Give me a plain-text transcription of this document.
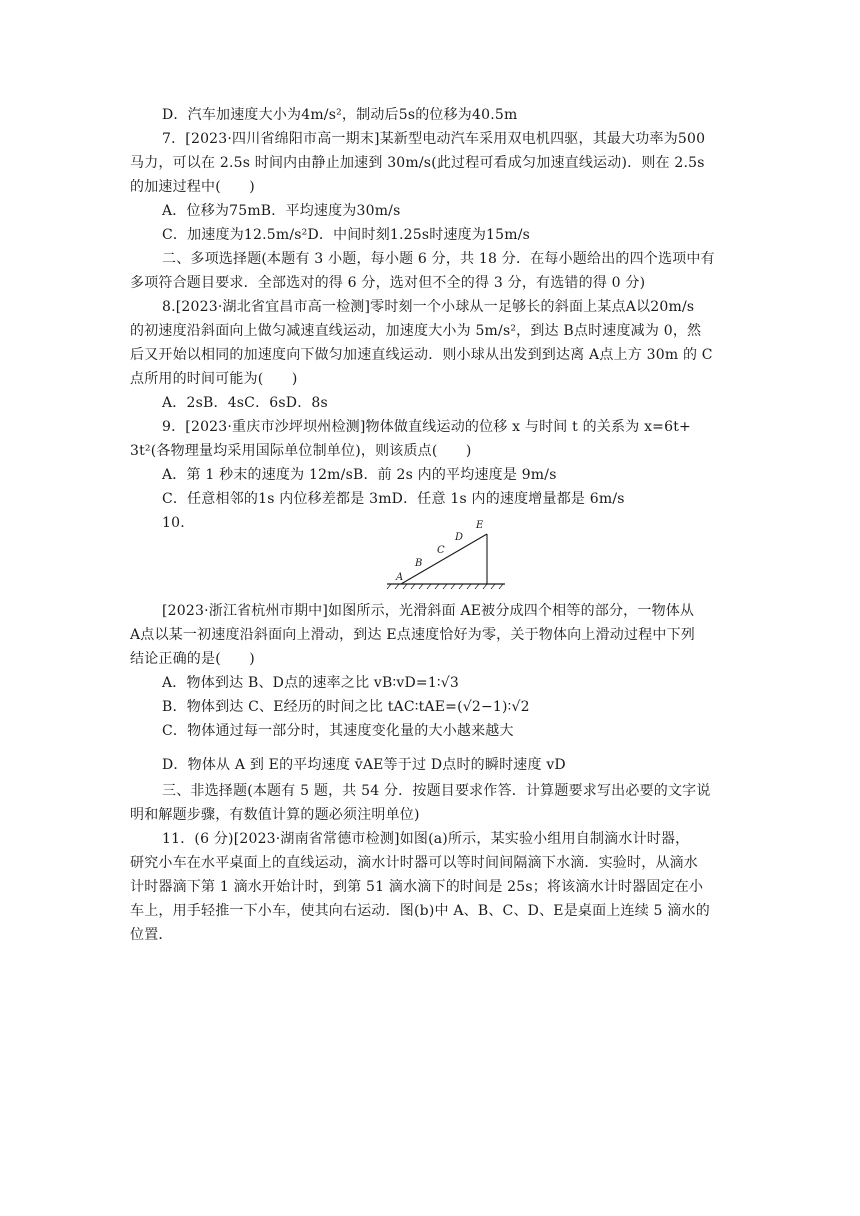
D．汽车加速度大小为4m/s²，制动后5s的位移为40.5m
7．[2023·四川省绵阳市高一期末]某新型电动汽车采用双电机四驱，其最大功率为500
马力，可以在 2.5s 时间内由静止加速到 30m/s(此过程可看成匀加速直线运动)．则在 2.5s
的加速过程中(　　)
A．位移为75mB．平均速度为30m/s
C．加速度为12.5m/s²D．中间时刻1.25s时速度为15m/s
二、多项选择题(本题有 3 小题，每小题 6 分，共 18 分．在每小题给出的四个选项中有
多项符合题目要求．全部选对的得 6 分，选对但不全的得 3 分，有选错的得 0 分)
8.[2023·湖北省宜昌市高一检测]零时刻一个小球从一足够长的斜面上某点A以20m/s
的初速度沿斜面向上做匀减速直线运动，加速度大小为 5m/s²，到达 B点时速度减为 0，然
后又开始以相同的加速度向下做匀加速直线运动．则小球从出发到到达离 A点上方 30m 的 C
点所用的时间可能为(　　)
A．2sB．4sC．6sD．8s
9．[2023·重庆市沙坪坝州检测]物体做直线运动的位移 x 与时间 t 的关系为 x=6t+
3t²(各物理量均采用国际单位制单位)，则该质点(　　)
A．第 1 秒末的速度为 12m/sB．前 2s 内的平均速度是 9m/s
C．任意相邻的1s 内位移差都是 3mD．任意 1s 内的速度增量都是 6m/s
10.
A
B
C
D
E
[2023·浙江省杭州市期中]如图所示，光滑斜面 AE被分成四个相等的部分，一物体从
A点以某一初速度沿斜面向上滑动，到达 E点速度恰好为零，关于物体向上滑动过程中下列
结论正确的是(　　)
A．物体到达 B、D点的速率之比 vB∶vD=1∶√3
B．物体到达 C、E经历的时间之比 tAC∶tAE=(√2−1)∶√2
C．物体通过每一部分时，其速度变化量的大小越来越大
D．物体从 A 到 E的平均速度 v̄AE等于过 D点时的瞬时速度 vD
三、非选择题(本题有 5 题，共 54 分．按题目要求作答．计算题要求写出必要的文字说
明和解题步骤，有数值计算的题必须注明单位)
11．(6 分)[2023·湖南省常德市检测]如图(a)所示，某实验小组用自制滴水计时器，
研究小车在水平桌面上的直线运动，滴水计时器可以等时间间隔滴下水滴．实验时，从滴水
计时器滴下第 1 滴水开始计时，到第 51 滴水滴下的时间是 25s；将该滴水计时器固定在小
车上，用手轻推一下小车，使其向右运动．图(b)中 A、B、C、D、E是桌面上连续 5 滴水的
位置．
